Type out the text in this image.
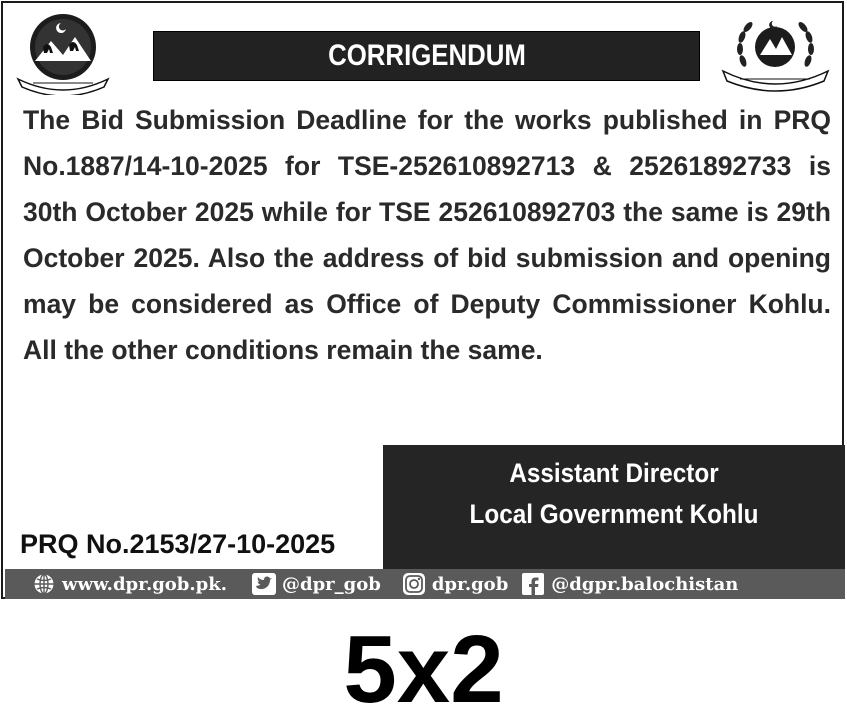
CORRIGENDUM

The Bid Submission Deadline for the works published in PRQ No.1887/14-10-2025 for TSE-252610892713 & 25261892733 is 30th October 2025 while for TSE 252610892703 the same is 29th October 2025. Also the address of bid submission and opening may be considered as Office of Deputy Commissioner Kohlu. All the other conditions remain the same.

Assistant Director
Local Government Kohlu
PRQ No.2153/27-10-2025
www.dpr.gob.pk.	@dpr_gob	dpr.gob @dgpr.balochistan
5x2
